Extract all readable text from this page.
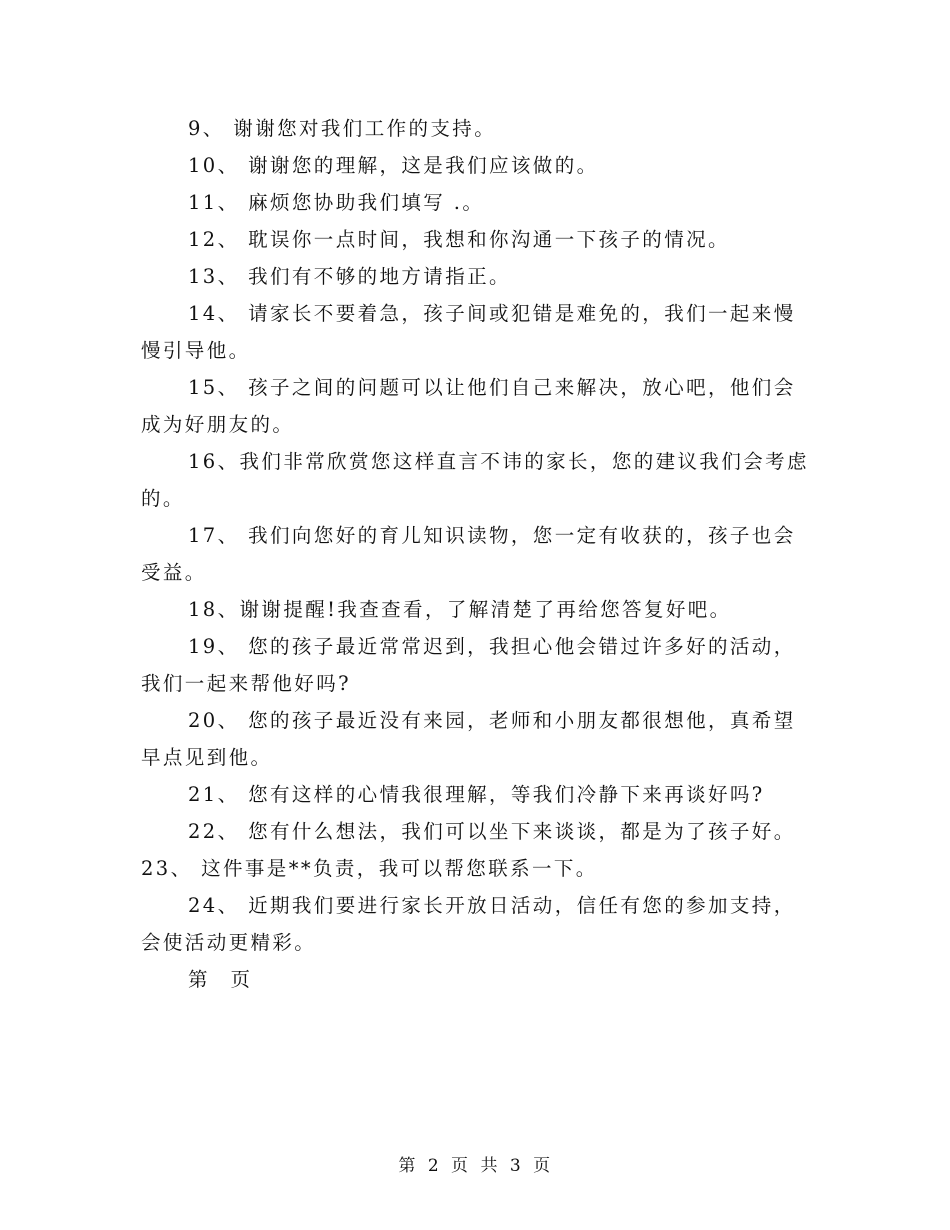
9、 谢谢您对我们工作的支持。

10、 谢谢您的理解，这是我们应该做的。

11、 麻烦您协助我们填写 .。

12、 耽误你一点时间，我想和你沟通一下孩子的情况。

13、 我们有不够的地方请指正。

14、 请家长不要着急，孩子间或犯错是难免的，我们一起来慢慢引导他。

15、 孩子之间的问题可以让他们自己来解决，放心吧，他们会成为好朋友的。

16、我们非常欣赏您这样直言不讳的家长，您的建议我们会考虑的。

17、 我们向您好的育儿知识读物，您一定有收获的，孩子也会受益。

18、谢谢提醒!我查查看，了解清楚了再给您答复好吧。

19、 您的孩子最近常常迟到，我担心他会错过许多好的活动，我们一起来帮他好吗?

20、 您的孩子最近没有来园，老师和小朋友都很想他，真希望早点见到他。

21、 您有这样的心情我很理解，等我们冷静下来再谈好吗?

22、 您有什么想法，我们可以坐下来谈谈，都是为了孩子好。

23、 这件事是**负责，我可以帮您联系一下。

24、 近期我们要进行家长开放日活动，信任有您的参加支持，会使活动更精彩。

第 页

第 2 页 共 3 页
